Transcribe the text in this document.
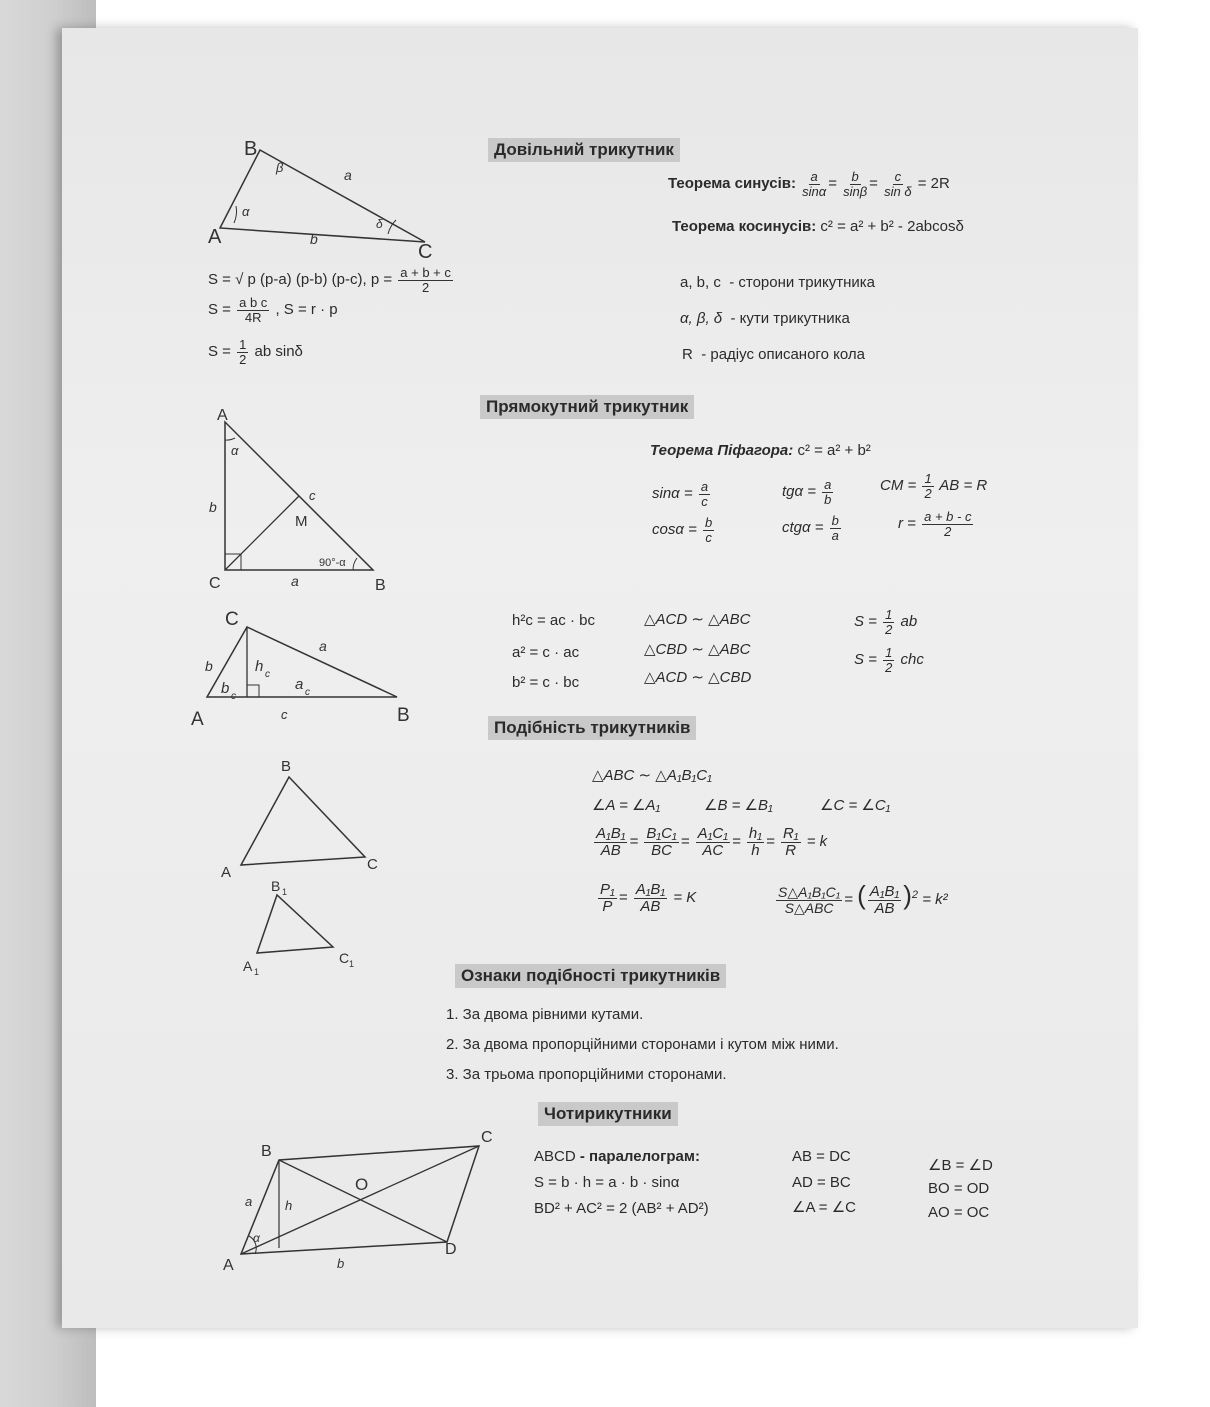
Довільний трикутник
Прямокутний трикутник
Подібність трикутників
Ознаки подібності трикутників
Чотирикутники
B
A
C
β	a
α
b
δ
S = √ p (p-a) (p-b) (p-c), $p = \frac{a + b + c}{2}$
$S = \frac{\text{a b c}}{4R}$ , S = r · p
$S = \frac{1}{2}$ ab sinδ
Теорема синусів: $\frac{a}{\sin\alpha} = \frac{b}{\sin\beta} = \frac{c}{\text{sin δ}} = 2R$
Теорема косинусів: c² = a² + b² - 2abcosδ
a, b, c - сторони трикутника
α, β, δ - кути трикутника
R - радіус описаного кола
A
C	B
M
α
b
a
c
90°-α
C
A	B
b	h c
b c
a c
a
c
Теорема Піфагора: c² = a² + b²
$\sin\alpha = \frac{a}{c}$
$\cos\alpha = \frac{b}{c}$
$tg\alpha = \frac{a}{b}$
$ctg\alpha = \frac{b}{a}$
CM = $\frac{1}{2}$ AB = R
$r = \frac{a + b - c}{2}$
h²c = ac · bc
a² = c · ac
b² = c · bc
△ACD ∼ △ABC
△CBD ∼ △ABC
△ACD ∼ △CBD
$S = \frac{1}{2}$ ab
$S = \frac{1}{2}$ chc
B
A	C
B 1
A 1
C 1
△ABC ∼ △A₁B₁C₁
∠A = ∠A₁	∠B = ∠B₁	∠C = ∠C₁
$\frac{\text{A₁B₁}}{AB} = \frac{\text{B₁C₁}}{BC} = \frac{\text{A₁C₁}}{AC} = \frac{\text{h₁}}{h} = \frac{\text{R₁}}{R} = k$
$\frac{\text{P₁}}{P} = \frac{\text{A₁B₁}}{AB} = K$	$\frac{\text{S△A₁B₁C₁}}{\text{S△ABC}}$ = ( $\frac{\text{A₁B₁}}{AB} )^2 = k^2$
1. За двома рівними кутами.
2. За двома пропорційними сторонами і кутом між ними.
3. За трьома пропорційними сторонами.
B
C
D
A
O
a	h
α
b
ABCD - паралелограм:
S = b · h = a · b · sinα
BD² + AC² = 2 (AB² + AD²)
AB = DC
AD = BC
∠A = ∠C
∠B = ∠D
BO = OD
AO = OC
